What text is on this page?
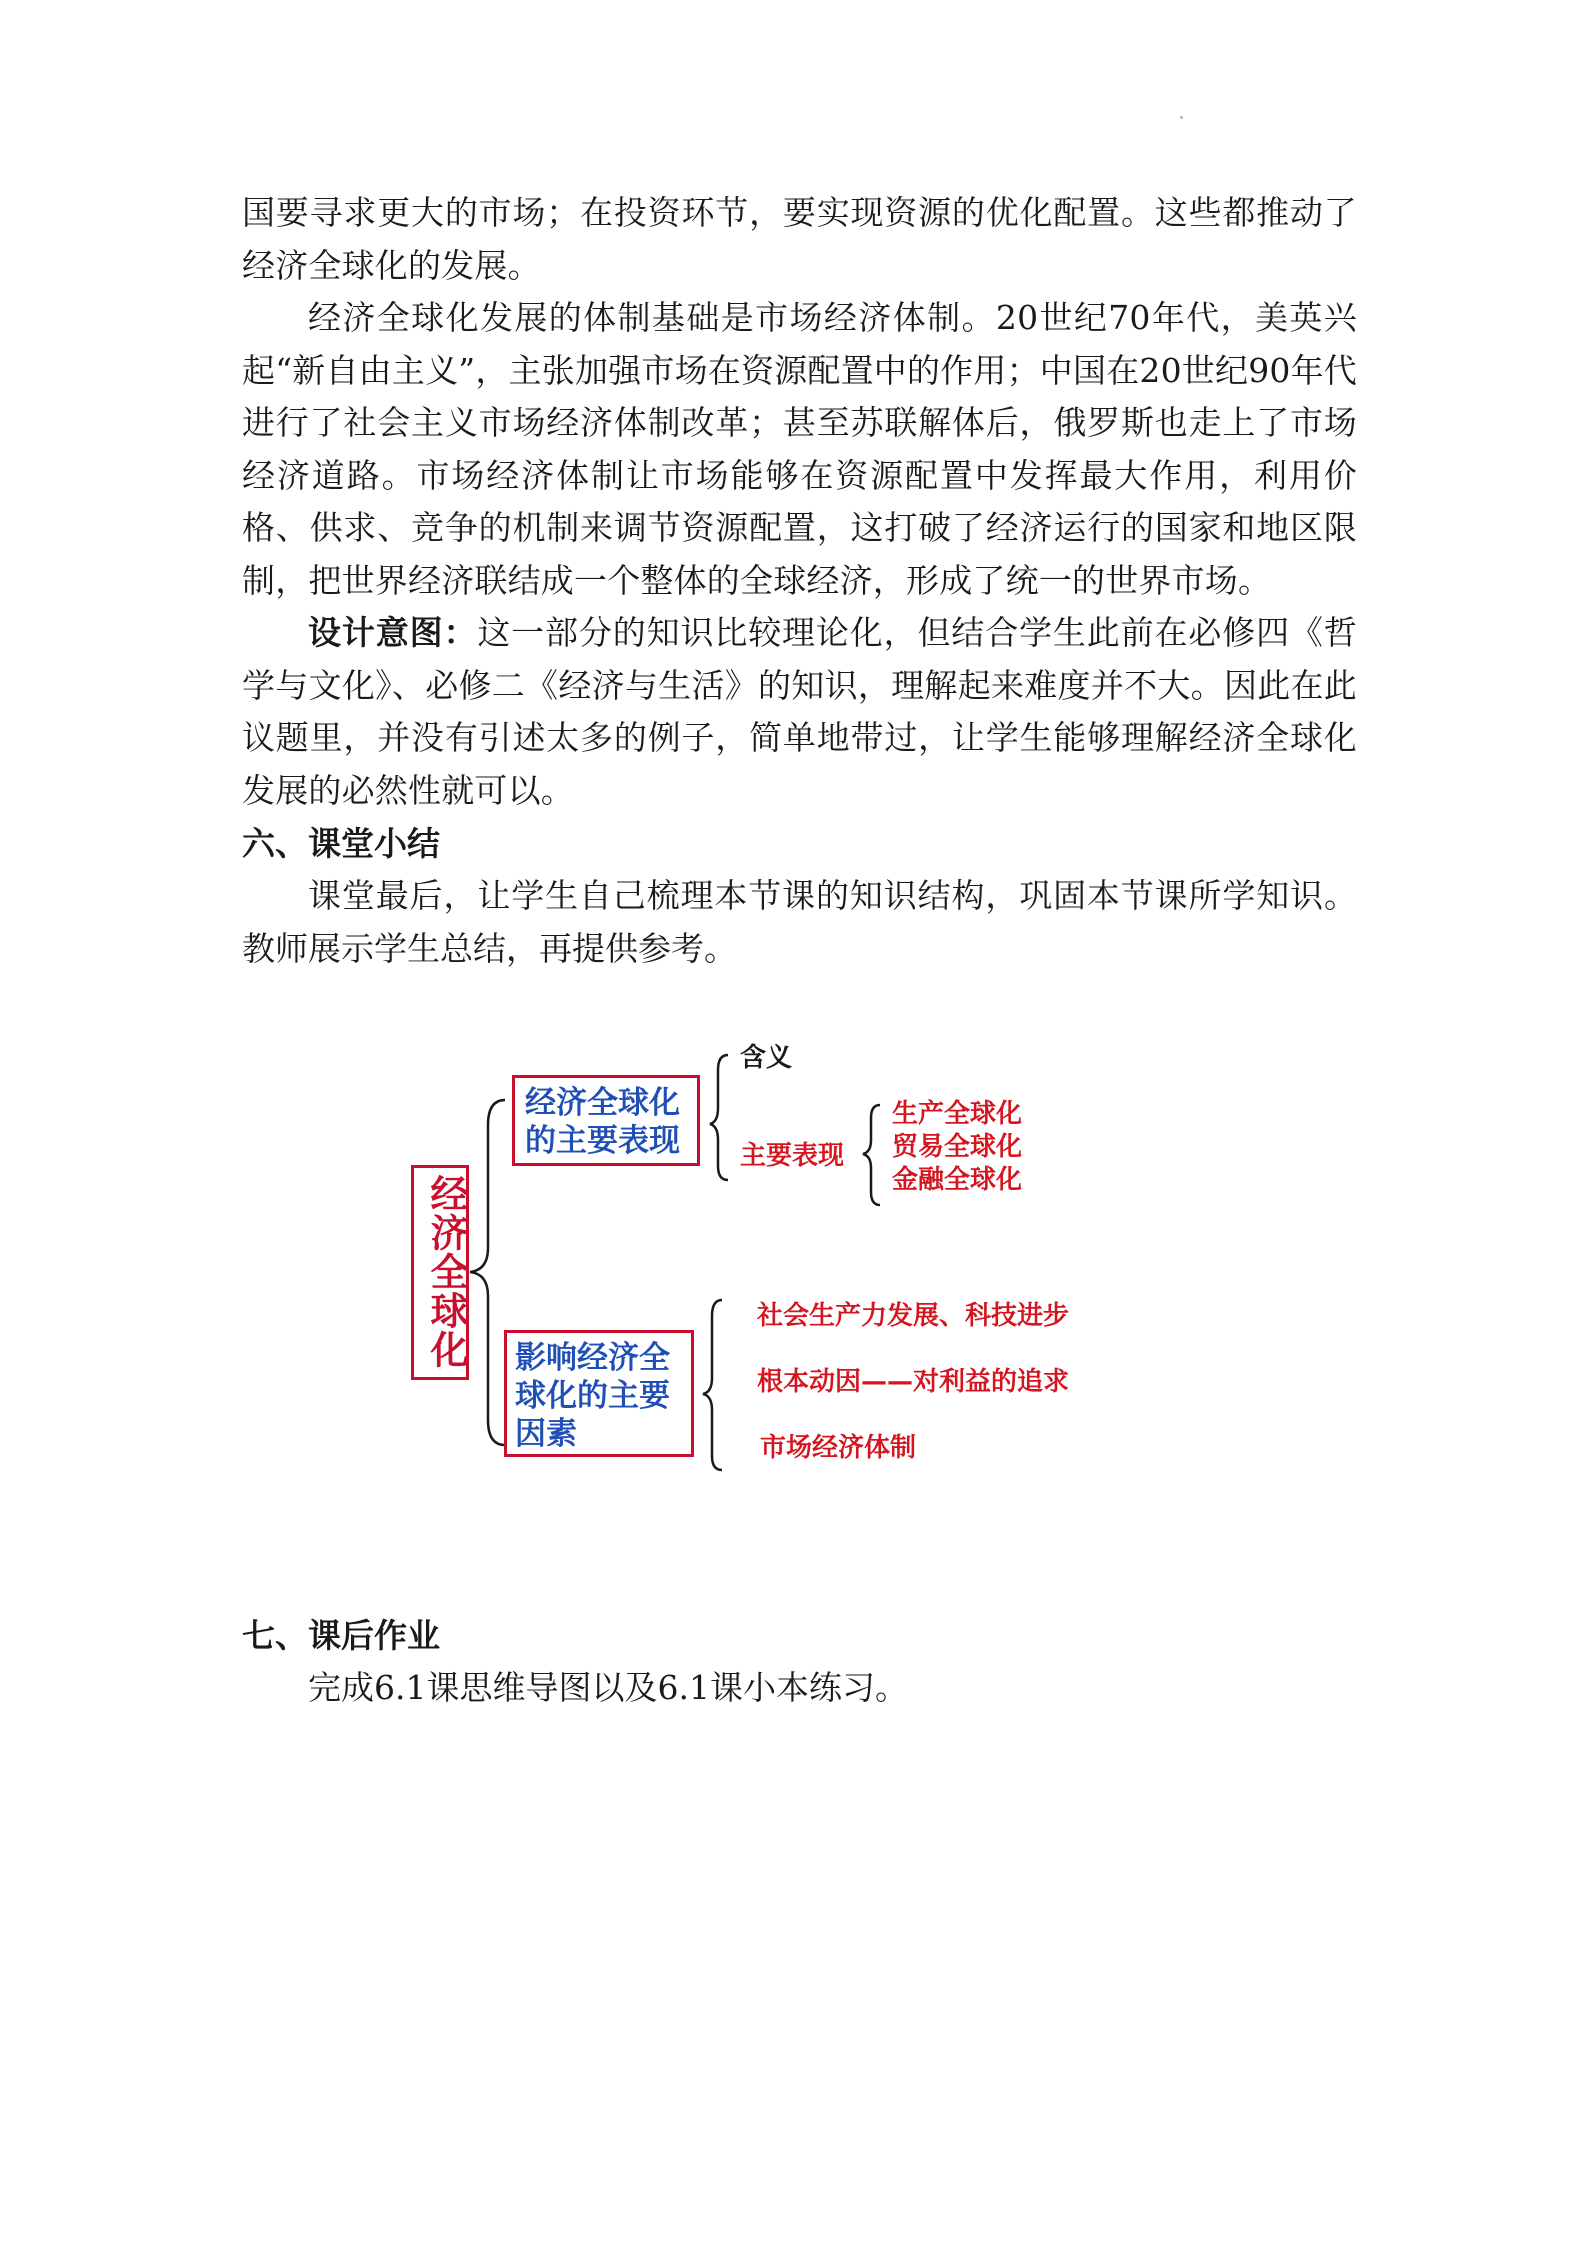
国要寻求更大的市场；在投资环节，要实现资源的优化配置。这些都推动了经济全球化的发展。

经济全球化发展的体制基础是市场经济体制。20世纪70年代，美英兴起“新自由主义”，主张加强市场在资源配置中的作用；中国在20世纪90年代进行了社会主义市场经济体制改革；甚至苏联解体后，俄罗斯也走上了市场经济道路。市场经济体制让市场能够在资源配置中发挥最大作用，利用价格、供求、竞争的机制来调节资源配置，这打破了经济运行的国家和地区限制，把世界经济联结成一个整体的全球经济，形成了统一的世界市场。

设计意图：这一部分的知识比较理论化，但结合学生此前在必修四《哲学与文化》、必修二《经济与生活》的知识，理解起来难度并不大。因此在此议题里，并没有引述太多的例子，简单地带过，让学生能够理解经济全球化发展的必然性就可以。

六、课堂小结
课堂最后，让学生自己梳理本节课的知识结构，巩固本节课所学知识。教师展示学生总结，再提供参考。
经济全球化
经济全球化的主要表现
影响经济全球化的主要因素
含义
主要表现
生产全球化
贸易全球化
金融全球化
社会生产力发展、科技进步
根本动因——对利益的追求
市场经济体制
七、课后作业
完成6.1课思维导图以及6.1课小本练习。
